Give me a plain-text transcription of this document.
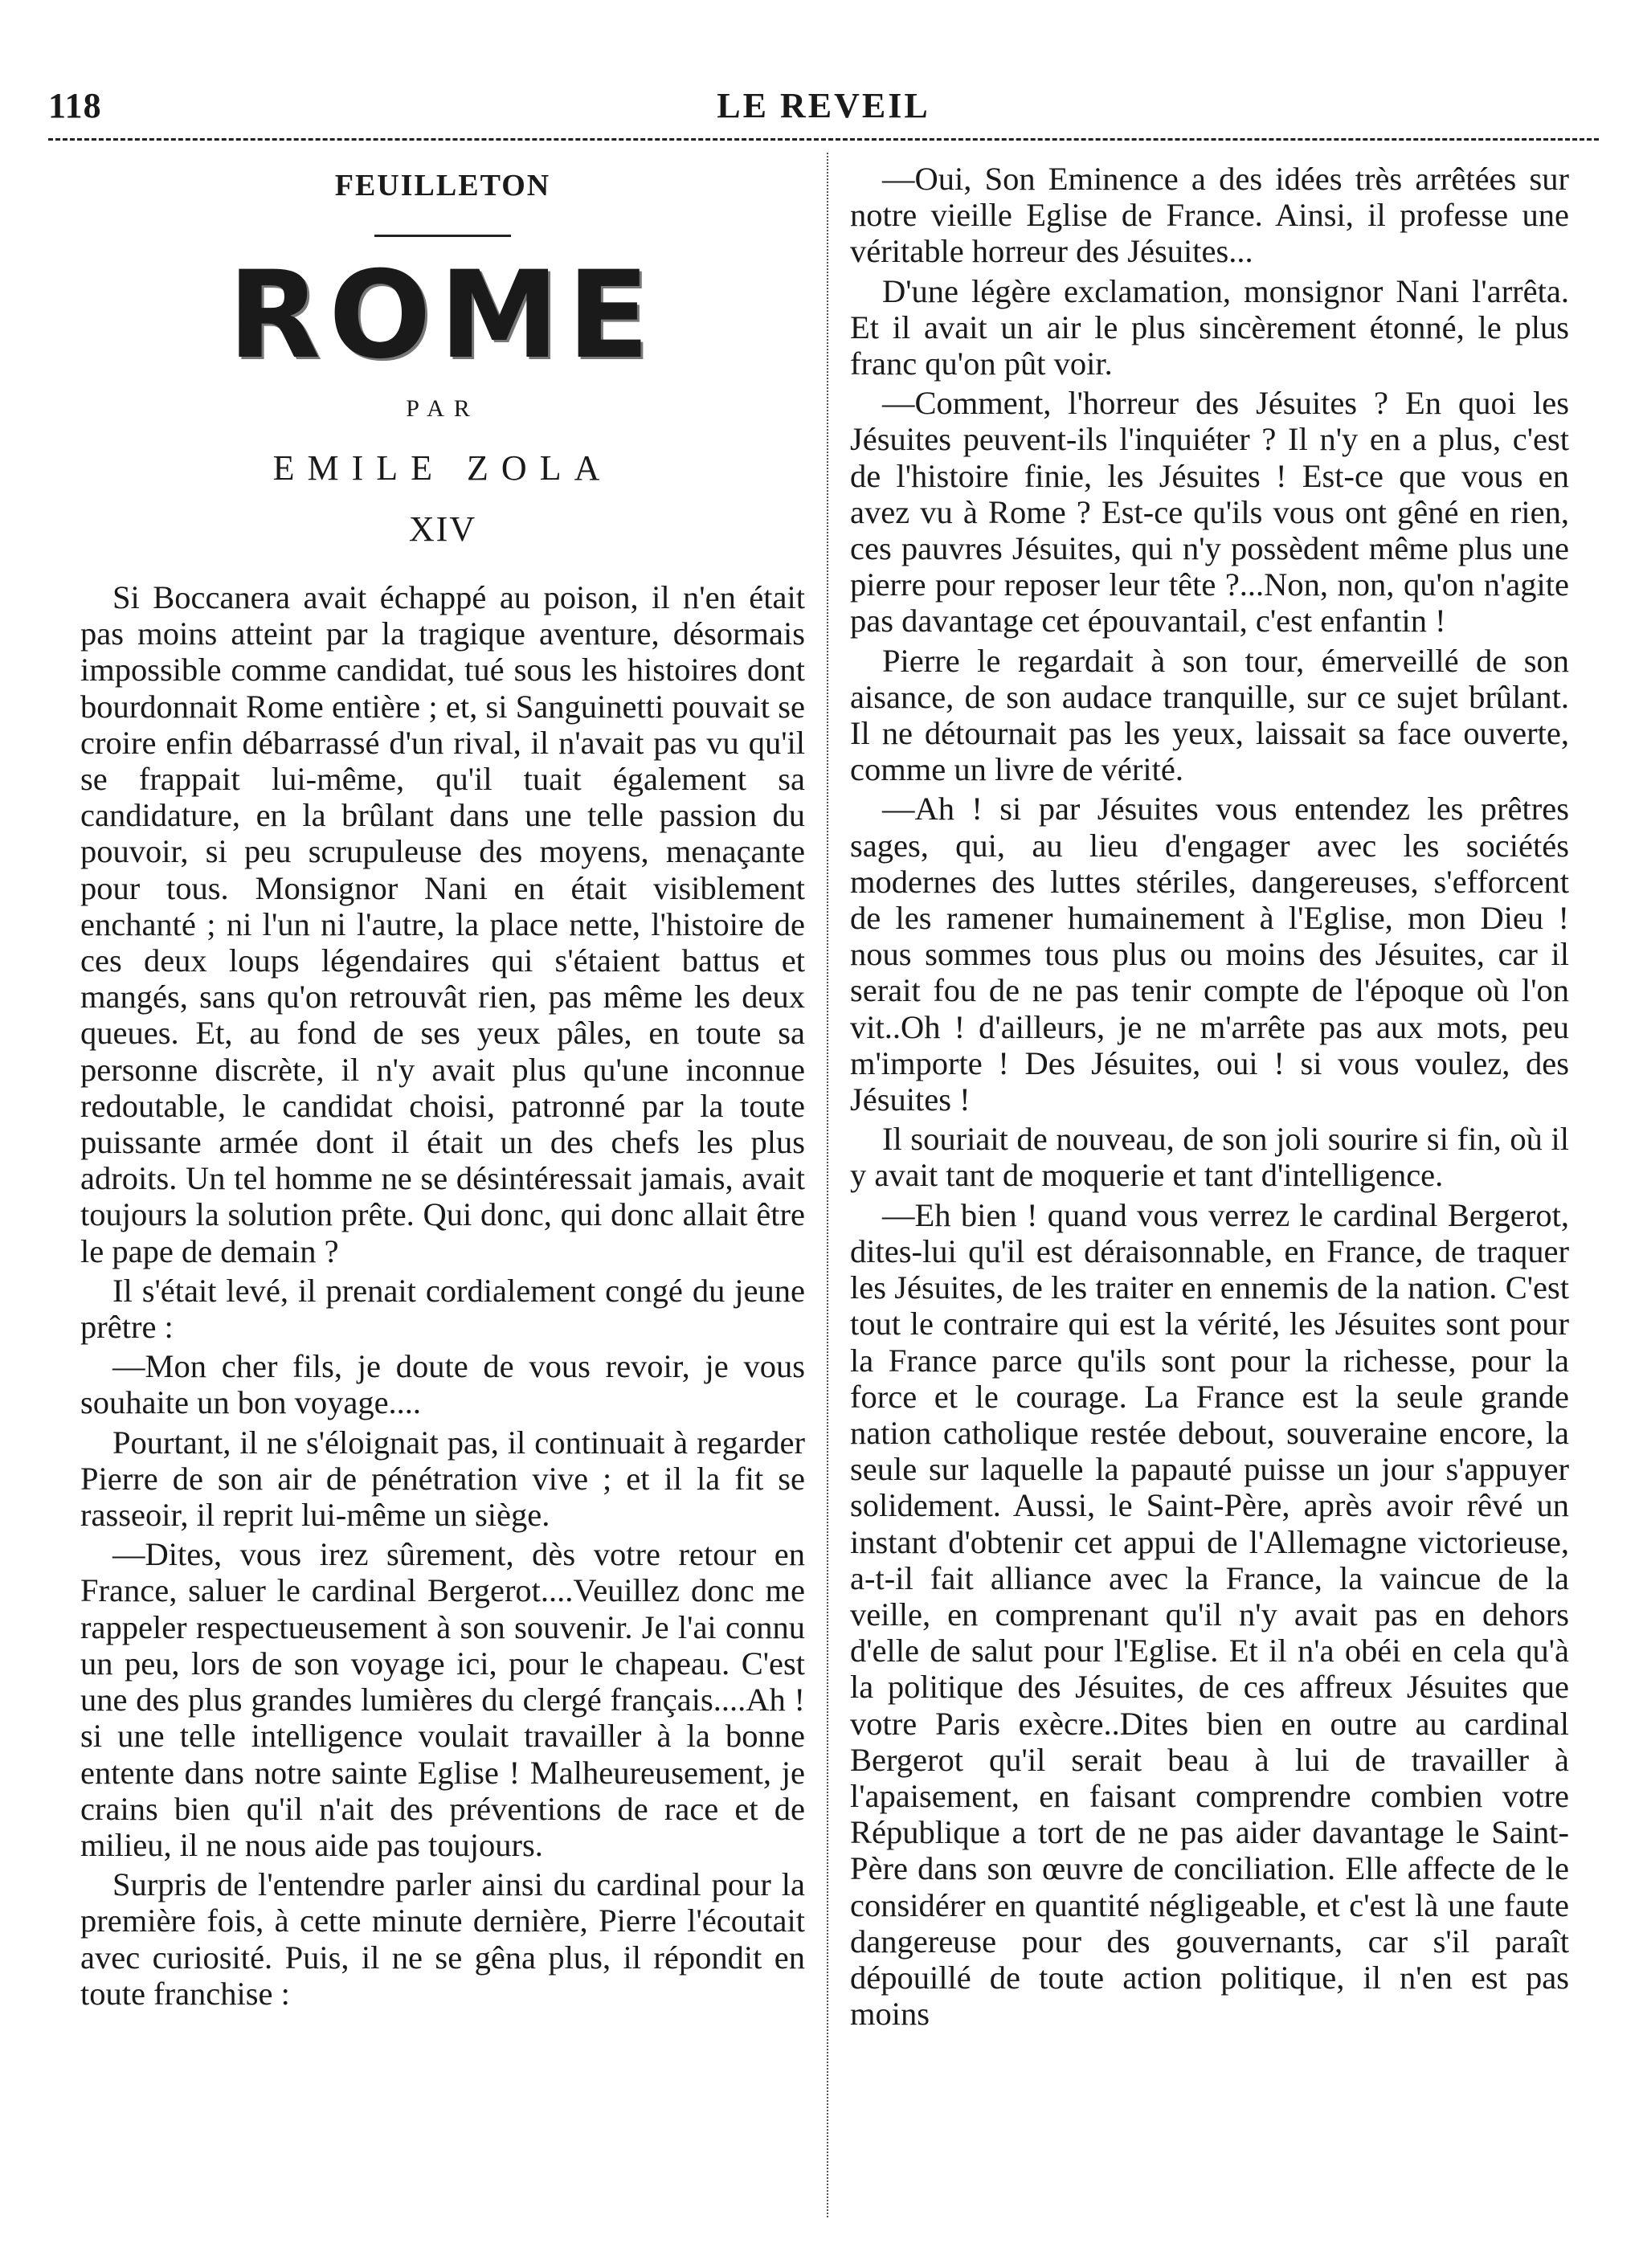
118	LE REVEIL
FEUILLETON
ROME
PAR
EMILE ZOLA
XIV

Si Boccanera avait échappé au poison, il n'en était pas moins atteint par la tragique aventure, désormais impossible comme candidat, tué sous les histoires dont bourdonnait Rome entière ; et, si Sanguinetti pouvait se croire enfin débarrassé d'un rival, il n'avait pas vu qu'il se frappait lui-même, qu'il tuait également sa candidature, en la brûlant dans une telle passion du pouvoir, si peu scrupuleuse des moyens, menaçante pour tous. Monsignor Nani en était visiblement enchanté ; ni l'un ni l'autre, la place nette, l'histoire de ces deux loups légendaires qui s'étaient battus et mangés, sans qu'on retrouvât rien, pas même les deux queues. Et, au fond de ses yeux pâles, en toute sa personne discrète, il n'y avait plus qu'une inconnue redoutable, le candidat choisi, patronné par la toute puissante armée dont il était un des chefs les plus adroits. Un tel homme ne se désintéressait jamais, avait toujours la solution prête. Qui donc, qui donc allait être le pape de demain ?

Il s'était levé, il prenait cordialement congé du jeune prêtre :

—Mon cher fils, je doute de vous revoir, je vous souhaite un bon voyage....

Pourtant, il ne s'éloignait pas, il continuait à regarder Pierre de son air de pénétration vive ; et il la fit se rasseoir, il reprit lui-même un siège.

—Dites, vous irez sûrement, dès votre retour en France, saluer le cardinal Bergerot....Veuillez donc me rappeler respectueusement à son souvenir. Je l'ai connu un peu, lors de son voyage ici, pour le chapeau. C'est une des plus grandes lumières du clergé français....Ah ! si une telle intelligence voulait travailler à la bonne entente dans notre sainte Eglise ! Malheureusement, je crains bien qu'il n'ait des préventions de race et de milieu, il ne nous aide pas toujours.

Surpris de l'entendre parler ainsi du cardinal pour la première fois, à cette minute dernière, Pierre l'écoutait avec curiosité. Puis, il ne se gêna plus, il répondit en toute franchise :

—Oui, Son Eminence a des idées très arrêtées sur notre vieille Eglise de France. Ainsi, il professe une véritable horreur des Jésuites...

D'une légère exclamation, monsignor Nani l'arrêta. Et il avait un air le plus sincèrement étonné, le plus franc qu'on pût voir.

—Comment, l'horreur des Jésuites ? En quoi les Jésuites peuvent-ils l'inquiéter ? Il n'y en a plus, c'est de l'histoire finie, les Jésuites ! Est-ce que vous en avez vu à Rome ? Est-ce qu'ils vous ont gêné en rien, ces pauvres Jésuites, qui n'y possèdent même plus une pierre pour reposer leur tête ?...Non, non, qu'on n'agite pas davantage cet épouvantail, c'est enfantin !

Pierre le regardait à son tour, émerveillé de son aisance, de son audace tranquille, sur ce sujet brûlant. Il ne détournait pas les yeux, laissait sa face ouverte, comme un livre de vérité.

—Ah ! si par Jésuites vous entendez les prêtres sages, qui, au lieu d'engager avec les sociétés modernes des luttes stériles, dangereuses, s'efforcent de les ramener humainement à l'Eglise, mon Dieu ! nous sommes tous plus ou moins des Jésuites, car il serait fou de ne pas tenir compte de l'époque où l'on vit..Oh ! d'ailleurs, je ne m'arrête pas aux mots, peu m'importe ! Des Jésuites, oui ! si vous voulez, des Jésuites !

Il souriait de nouveau, de son joli sourire si fin, où il y avait tant de moquerie et tant d'intelligence.

—Eh bien ! quand vous verrez le cardinal Bergerot, dites-lui qu'il est déraisonnable, en France, de traquer les Jésuites, de les traiter en ennemis de la nation. C'est tout le contraire qui est la vérité, les Jésuites sont pour la France parce qu'ils sont pour la richesse, pour la force et le courage. La France est la seule grande nation catholique restée debout, souveraine encore, la seule sur laquelle la papauté puisse un jour s'appuyer solidement. Aussi, le Saint-Père, après avoir rêvé un instant d'obtenir cet appui de l'Allemagne victorieuse, a-t-il fait alliance avec la France, la vaincue de la veille, en comprenant qu'il n'y avait pas en dehors d'elle de salut pour l'Eglise. Et il n'a obéi en cela qu'à la politique des Jésuites, de ces affreux Jésuites que votre Paris exècre..Dites bien en outre au cardinal Bergerot qu'il serait beau à lui de travailler à l'apaisement, en faisant comprendre combien votre République a tort de ne pas aider davantage le Saint-Père dans son œuvre de conciliation. Elle affecte de le considérer en quantité négligeable, et c'est là une faute dangereuse pour des gouvernants, car s'il paraît dépouillé de toute action politique, il n'en est pas moins
